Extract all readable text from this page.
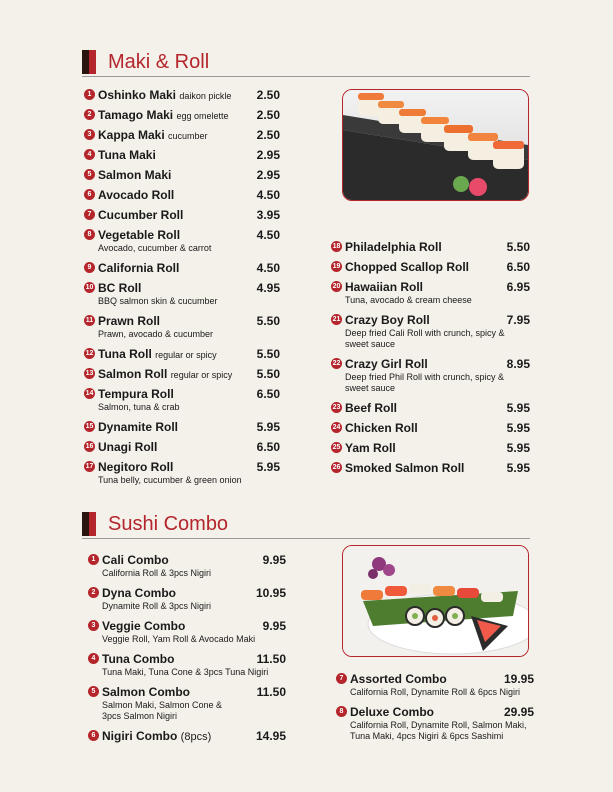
Maki & Roll
1 Oshinko Maki daikon pickle	2.50
2 Tamago Maki egg omelette	2.50
3 Kappa Maki cucumber	2.50
4 Tuna Maki	2.95
5 Salmon Maki	2.95
6 Avocado Roll	4.50
7 Cucumber Roll	3.95
8 Vegetable Roll	4.50
Avocado, cucumber & carrot
9 California Roll	4.50
10 BC Roll	4.95
BBQ salmon skin & cucumber
11 Prawn Roll	5.50
Prawn, avocado & cucumber
12 Tuna Roll regular or spicy	5.50
13 Salmon Roll regular or spicy	5.50
14 Tempura Roll	6.50
Salmon, tuna & crab
15 Dynamite Roll	5.95
16 Unagi Roll	6.50
17 Negitoro Roll	5.95
Tuna belly, cucumber & green onion
18 Philadelphia Roll	5.50
19 Chopped Scallop Roll	6.50
20 Hawaiian Roll	6.95
Tuna, avocado & cream cheese
21 Crazy Boy Roll	7.95
Deep fried Cali Roll with crunch, spicy &
sweet sauce
22 Crazy Girl Roll	8.95
Deep fried Phil Roll with crunch, spicy &
sweet sauce
23 Beef Roll	5.95
24 Chicken Roll	5.95
25 Yam Roll	5.95
26 Smoked Salmon Roll	5.95
Sushi Combo
1 Cali Combo	9.95
California Roll & 3pcs Nigiri
2 Dyna Combo	10.95
Dynamite Roll & 3pcs Nigiri
3 Veggie Combo	9.95
Veggie Roll, Yam Roll & Avocado Maki
4 Tuna Combo	11.50
Tuna Maki, Tuna Cone & 3pcs Tuna Nigiri
5 Salmon Combo	11.50
Salmon Maki, Salmon Cone &
3pcs Salmon Nigiri
6 Nigiri Combo (8pcs)	14.95
7 Assorted Combo	19.95
California Roll, Dynamite Roll & 6pcs Nigiri
8 Deluxe Combo	29.95
California Roll, Dynamite Roll, Salmon Maki,
Tuna Maki, 4pcs Nigiri & 6pcs Sashimi
